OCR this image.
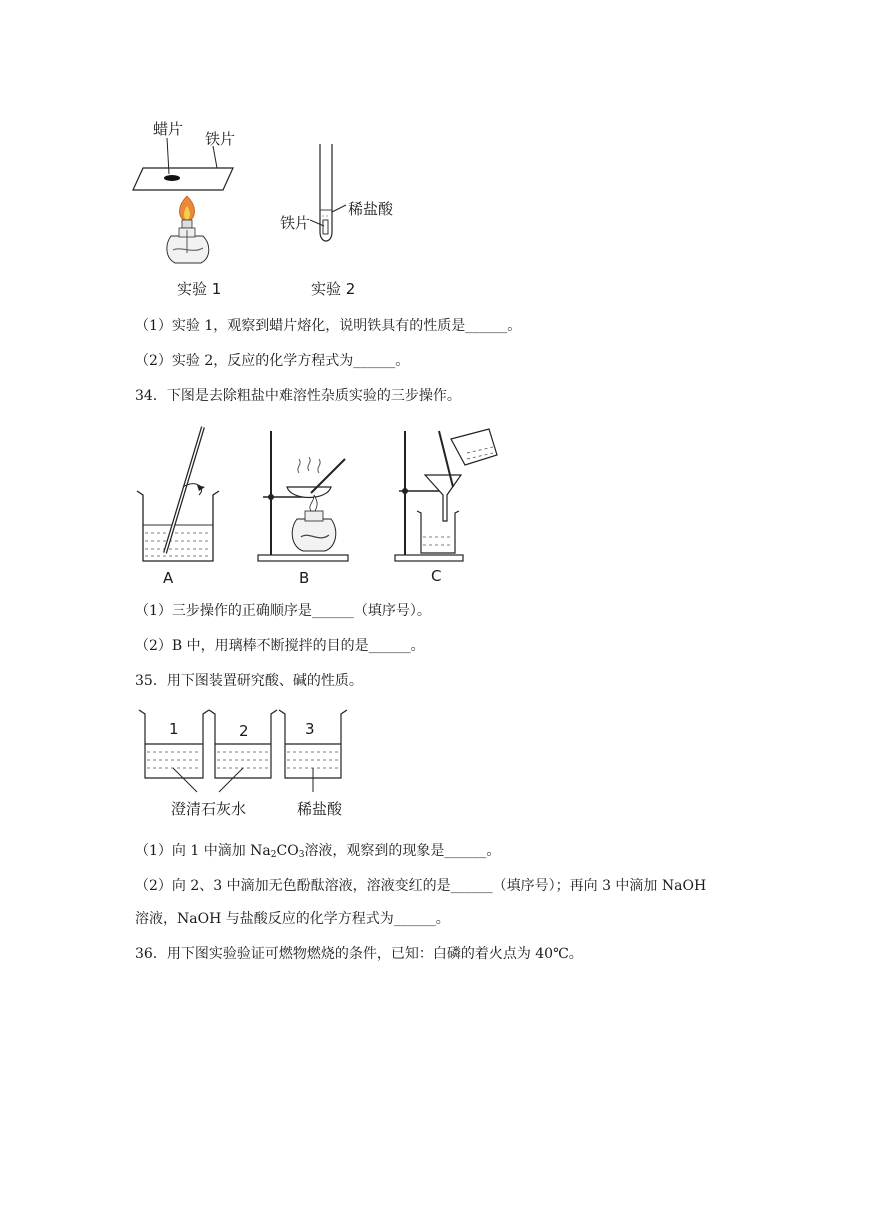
蜡片
铁片
稀盐酸
铁片
实验 1	实验 2
（1）实验 1，观察到蜡片熔化，说明铁具有的性质是______。
（2）实验 2，反应的化学方程式为______。
34．下图是去除粗盐中难溶性杂质实验的三步操作。
A	B	C
（1）三步操作的正确顺序是______（填序号）。
（2）B 中，用璃棒不断搅拌的目的是______。
35．用下图装置研究酸、碱的性质。
1	2	3
澄清石灰水	稀盐酸
（1）向 1 中滴加 $Na_2CO_3$溶液，观察到的现象是______。
（2）向 2、3 中滴加无色酚酞溶液，溶液变红的是______（填序号）；再向 3 中滴加 NaOH
溶液，NaOH 与盐酸反应的化学方程式为______。
36．用下图实验验证可燃物燃烧的条件，已知：白磷的着火点为 40℃。
